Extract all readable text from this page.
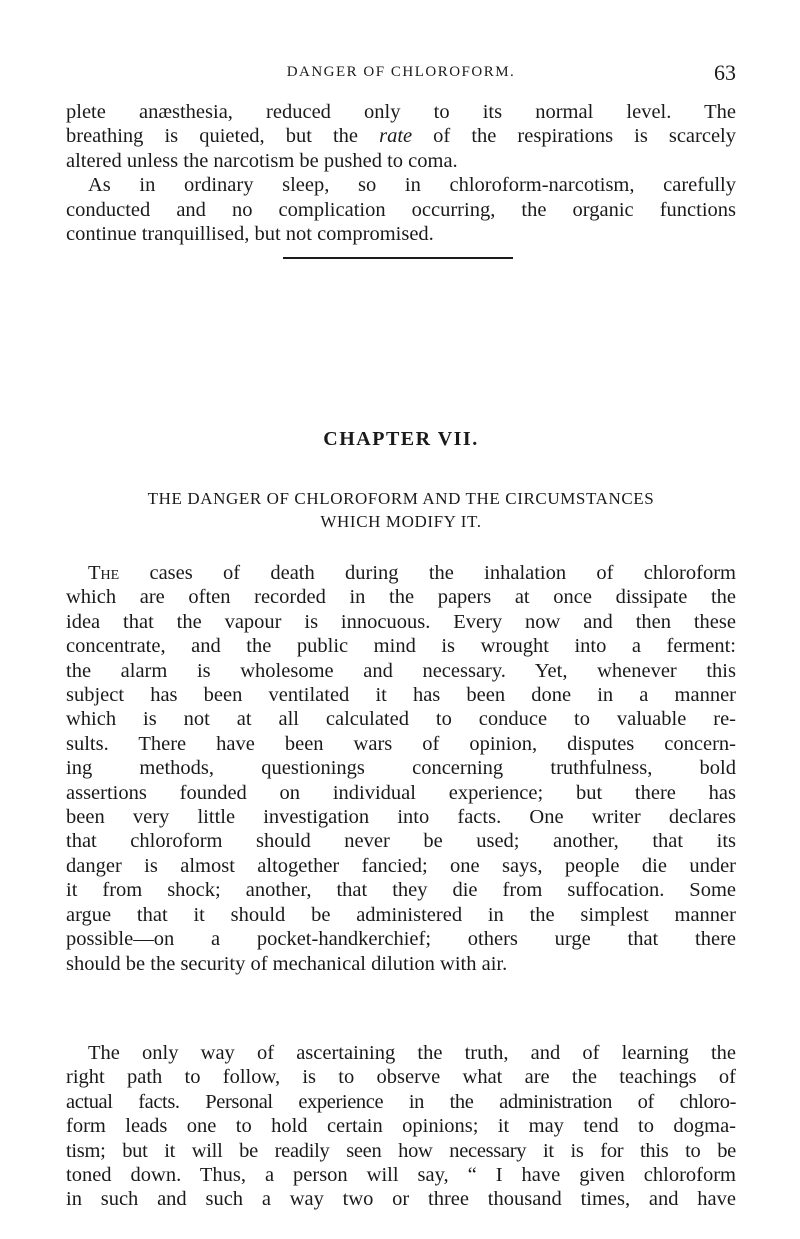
DANGER OF CHLOROFORM.	63

plete anæsthesia, reduced only to its normal level. The
breathing is quieted, but the rate of the respirations is scarcely
altered unless the narcotism be pushed to coma.
As in ordinary sleep, so in chloroform-narcotism, carefully
conducted and no complication occurring, the organic functions
continue tranquillised, but not compromised.

CHAPTER VII.
THE DANGER OF CHLOROFORM AND THE CIRCUMSTANCES
WHICH MODIFY IT.

The cases of death during the inhalation of chloroform
which are often recorded in the papers at once dissipate the
idea that the vapour is innocuous. Every now and then these
concentrate, and the public mind is wrought into a ferment:
the alarm is wholesome and necessary. Yet, whenever this
subject has been ventilated it has been done in a manner
which is not at all calculated to conduce to valuable re-
sults. There have been wars of opinion, disputes concern-
ing methods, questionings concerning truthfulness, bold
assertions founded on individual experience; but there has
been very little investigation into facts. One writer declares
that chloroform should never be used; another, that its
danger is almost altogether fancied; one says, people die under
it from shock; another, that they die from suffocation. Some
argue that it should be administered in the simplest manner
possible—on a pocket-handkerchief; others urge that there
should be the security of mechanical dilution with air.

The only way of ascertaining the truth, and of learning the
right path to follow, is to observe what are the teachings of
actual facts. Personal experience in the administration of chloro-
form leads one to hold certain opinions; it may tend to dogma-
tism; but it will be readily seen how necessary it is for this to be
toned down. Thus, a person will say, “ I have given chloroform
in such and such a way two or three thousand times, and have
